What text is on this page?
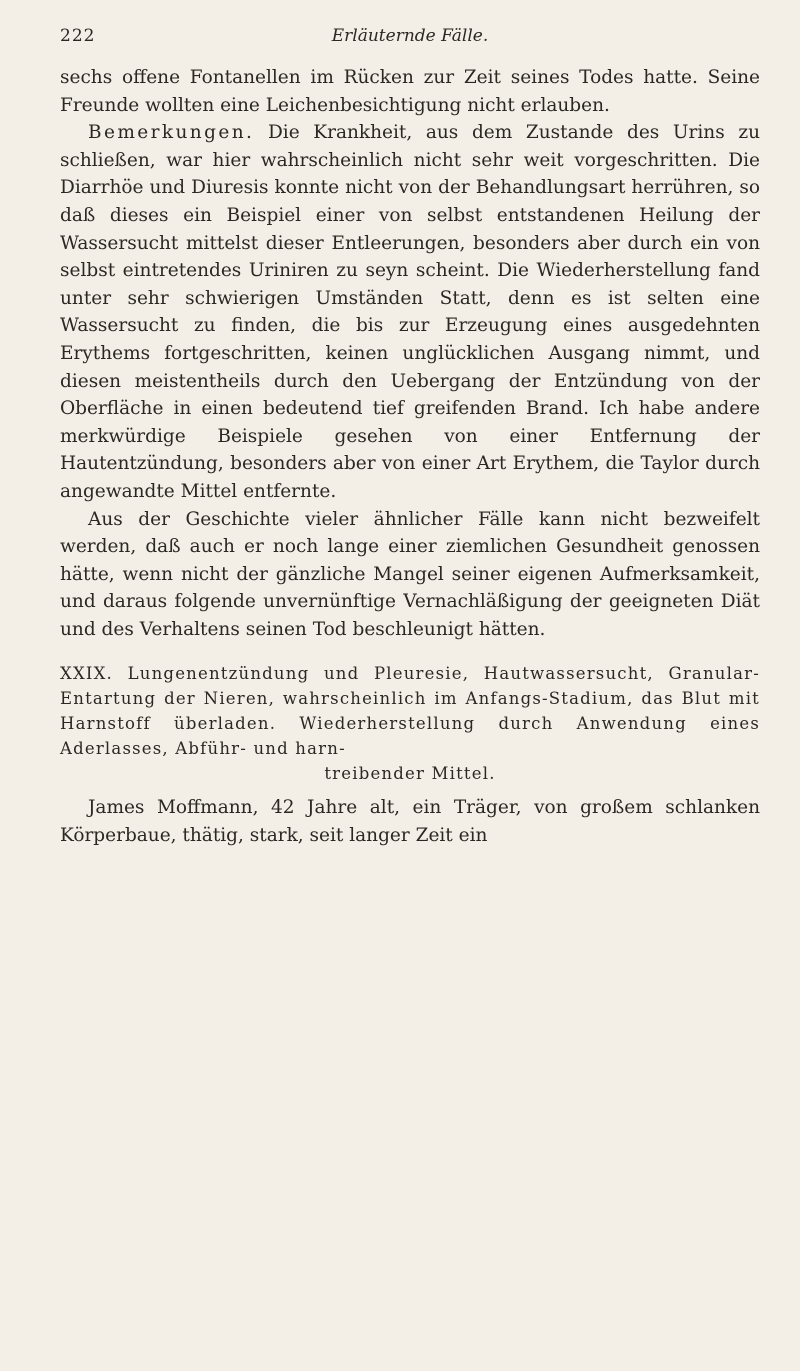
222	Erläuternde Fälle.

sechs offene Fontanellen im Rücken zur Zeit seines Todes hatte. Seine Freunde wollten eine Leichenbesichtigung nicht erlauben.

Bemerkungen. Die Krankheit, aus dem Zustande des Urins zu schließen, war hier wahrscheinlich nicht sehr weit vorgeschritten. Die Diarrhöe und Diuresis konnte nicht von der Behandlungsart herrühren, so daß dieses ein Beispiel einer von selbst entstandenen Heilung der Wassersucht mittelst dieser Entleerungen, besonders aber durch ein von selbst eintretendes Uriniren zu seyn scheint. Die Wiederherstellung fand unter sehr schwierigen Umständen Statt, denn es ist selten eine Wassersucht zu finden, die bis zur Erzeugung eines ausgedehnten Erythems fortgeschritten, keinen unglücklichen Ausgang nimmt, und diesen meistentheils durch den Uebergang der Entzündung von der Oberfläche in einen bedeutend tief greifenden Brand. Ich habe andere merkwürdige Beispiele gesehen von einer Entfernung der Hautentzündung, besonders aber von einer Art Erythem, die Taylor durch angewandte Mittel entfernte.

Aus der Geschichte vieler ähnlicher Fälle kann nicht bezweifelt werden, daß auch er noch lange einer ziemlichen Gesundheit genossen hätte, wenn nicht der gänzliche Mangel seiner eigenen Aufmerksamkeit, und daraus folgende unvernünftige Vernachläßigung der geeigneten Diät und des Verhaltens seinen Tod beschleunigt hätten.

XXIX. Lungenentzündung und Pleuresie, Hautwassersucht, Granular-Entartung der Nieren, wahrscheinlich im Anfangs-Stadium, das Blut mit Harnstoff überladen. Wiederherstellung durch Anwendung eines Aderlasses, Abführ- und harn-
treibender Mittel.
James Moffmann, 42 Jahre alt, ein Träger, von großem schlanken Körperbaue, thätig, stark, seit langer Zeit ein
